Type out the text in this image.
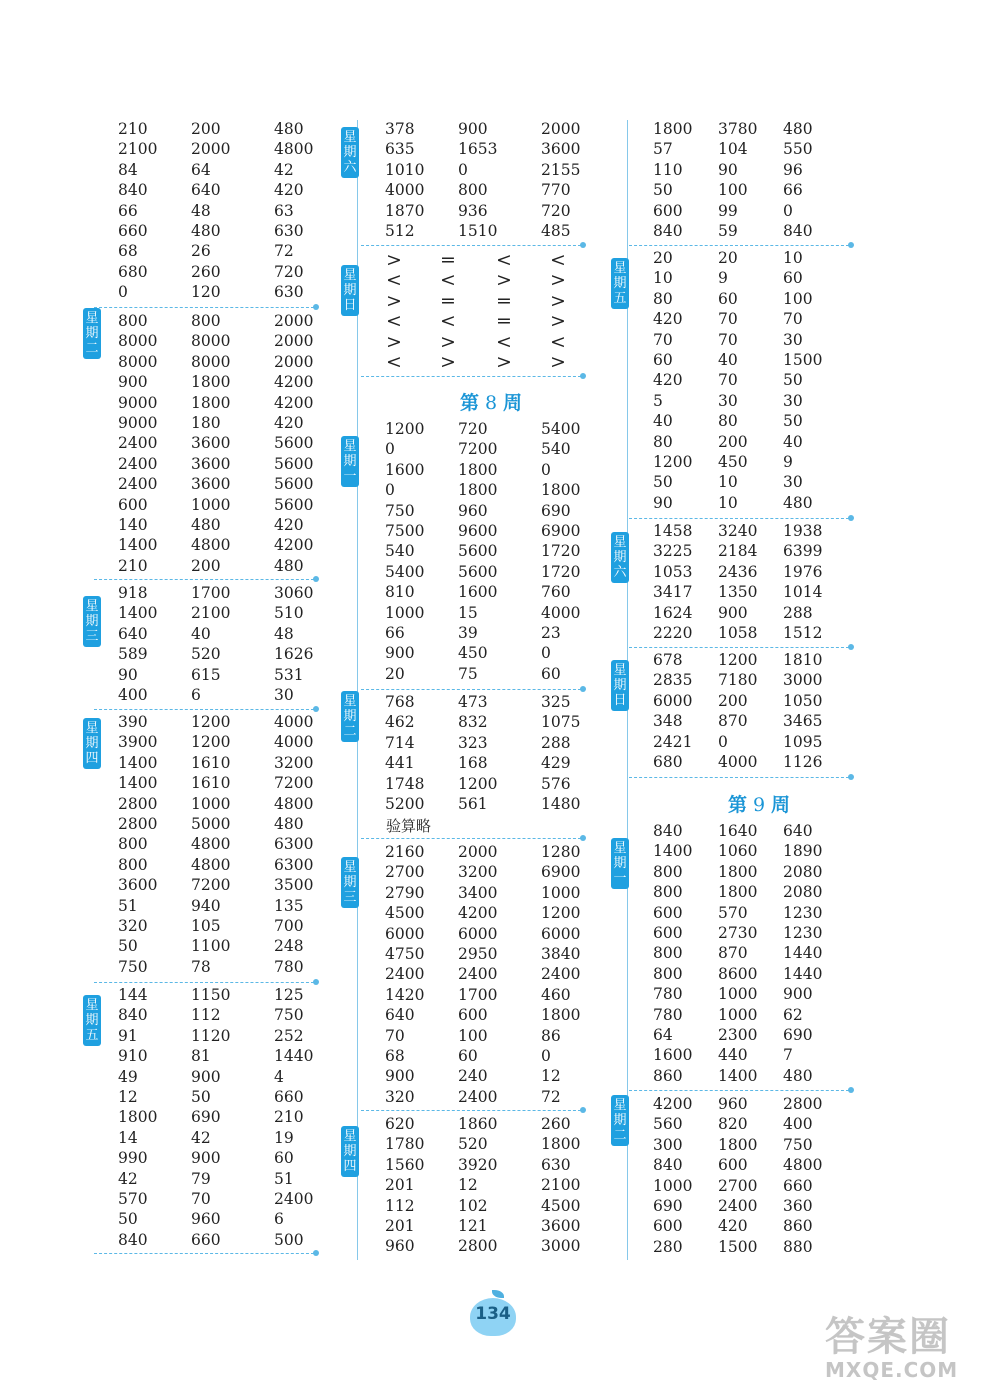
210	200	480
2100 2000	4800
84	64	42
840	640	420
66	48	63
660	480	630
68	26	72
680	260	720
0	120	630
800	800	2000
8000 8000	2000
8000 8000	2000
900	1800	4200
9000 1800	4200
9000 180	420
2400 3600	5600
2400 3600	5600
2400 3600	5600
600	1000	5600
140	480	420
1400 4800	4200
210	200	480
星
期
二
918	1700	3060
1400 2100	510
640	40	48
589	520	1626
90	615	531
400	6	30
星
期
三
390	1200	4000
3900 1200	4000
1400 1610	3200
1400 1610	7200
2800 1000	4800
2800 5000	480
800	4800	6300
800	4800	6300
3600 7200	3500
51	940	135
320	105	700
50	1100	248
750	78	780
星
期
四
144	1150	125
840	112	750
91	1120	252
910	81	1440
49	900	4
12	50	660
1800 690	210
14	42	19
990	900	60
42	79	51
570	70	2400
50	960	6
840	660	500
星
期
五
378	900	2000
635	1653	3600
1010 0	2155
4000 800	770
1870 936	720
512	1510	485
星
期
六
> = < <
< < > >
> = = >
< < = >
> > < <
< > > >
星
期
日
第 8 周
1200 720	5400
0	7200	540
1600 1800	0
0	1800	1800
750	960	690
7500 9600	6900
540	5600	1720
5400 5600	1720
810	1600	760
1000 15	4000
66	39	23
900	450	0
20	75	60
星
期
一
768	473	325
462	832	1075
714	323	288
441	168	429
1748 1200	576
5200 561	1480
星
期
二
验算略
2160 2000	1280
2700 3200	6900
2790 3400	1000
4500 4200	1200
6000 6000	6000
4750 2950	3840
2400 2400	2400
1420 1700	460
640	600	1800
70	100	86
68	60	0
900	240	12
320	2400	72
星
期
三
620	1860	260
1780 520	1800
1560 3920	630
201	12	2100
112	102	4500
201	121	3600
960	2800	3000
星
期
四
1800 3780 480
57	104 550
110 90	96
50	100 66
600 99	0
840 59	840
20	20	10
10	9	60
80	60	100
420 70	70
70	70	30
60	40	1500
420 70	50
5	30	30
40	80	50
80	200 40
1200 450 9
50	10	30
90	10	480
星
期
五
1458 3240 1938
3225 2184 6399
1053 2436 1976
3417 1350 1014
1624 900 288
2220 1058 1512
星
期
六
678 1200 1810
2835 7180 3000
6000 200 1050
348 870 3465
2421 0	1095
680 4000 1126
星
期
日
第 9 周
840 1640 640
1400 1060 1890
800 1800 2080
800 1800 2080
600 570 1230
600 2730 1230
800 870 1440
800 8600 1440
780 1000 900
780 1000 62
64	2300 690
1600 440 7
860 1400 480
星
期
一
4200 960 2800
560 820 400
300 1800 750
840 600 4800
1000 2700 660
690 2400 360
600 420 860
280 1500 880
星
期
二
134	答案圈
MXQE.COM
